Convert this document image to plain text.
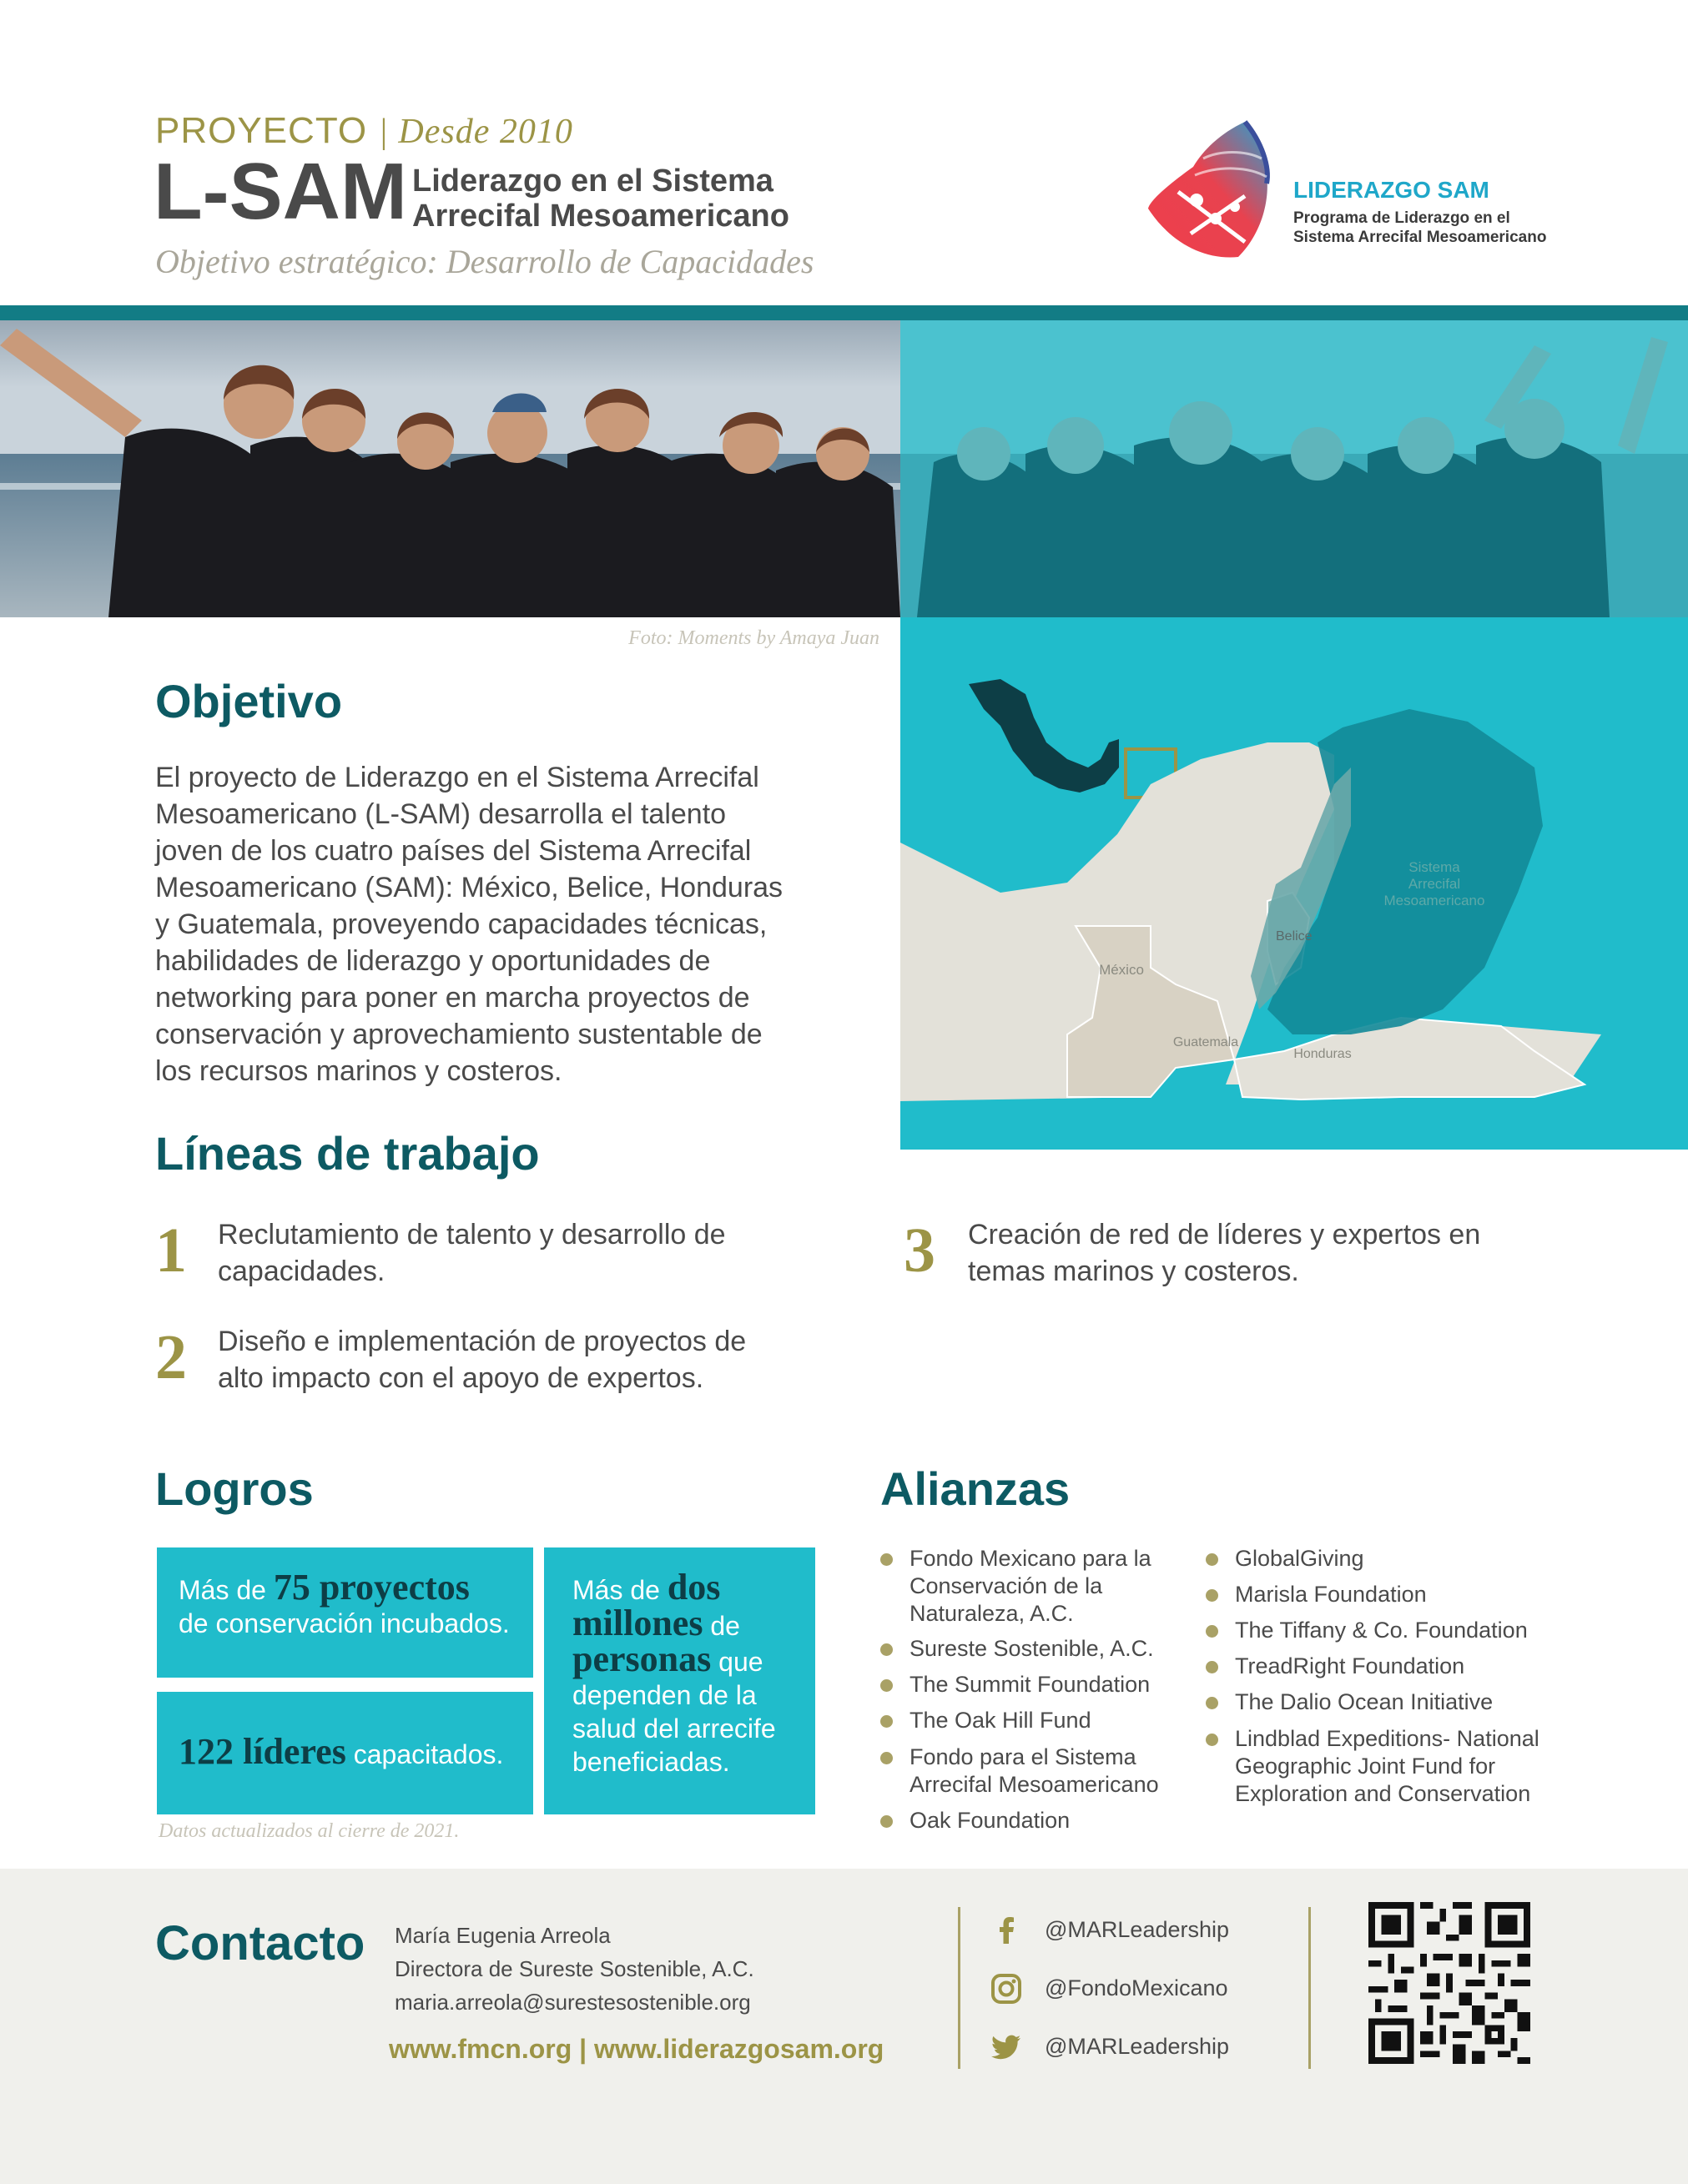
PROYECTO | Desde 2010
L-SAM Liderazgo en el Sistema
Arrecifal Mesoamericano
Objetivo estratégico: Desarrollo de Capacidades
LIDERAZGO SAM
Programa de Liderazgo en el
Sistema Arrecifal Mesoamericano
Foto: Moments by Amaya Juan
Objetivo
El proyecto de Liderazgo en el Sistema Arrecifal
Mesoamericano (L-SAM) desarrolla el talento
joven de los cuatro países del Sistema Arrecifal
Mesoamericano (SAM): México, Belice, Honduras
y Guatemala, proveyendo capacidades técnicas,
habilidades de liderazgo y oportunidades de
networking para poner en marcha proyectos de
conservación y aprovechamiento sustentable de
los recursos marinos y costeros.
Sistema
Arrecifal
Mesoamericano
Belice
México
Guatemala
Honduras
Líneas de trabajo
1 Reclutamiento de talento y desarrollo de
capacidades.
2 Diseño e implementación de proyectos de
alto impacto con el apoyo de expertos.
3 Creación de red de líderes y expertos en
temas marinos y costeros.
Logros
Más de 75 proyectos
de conservación incubados.
122 líderes capacitados.
Más de dos
millones de
personas que
dependen de la
salud del arrecife
beneficiadas.
Datos actualizados al cierre de 2021.
Alianzas
Fondo Mexicano para la
Conservación de la
Naturaleza, A.C.
Sureste Sostenible, A.C.
The Summit Foundation
The Oak Hill Fund
Fondo para el Sistema
Arrecifal Mesoamericano
Oak Foundation
GlobalGiving
Marisla Foundation
The Tiffany & Co. Foundation
TreadRight Foundation
The Dalio Ocean Initiative
Lindblad Expeditions- National
Geographic Joint Fund for
Exploration and Conservation
Contacto María Eugenia Arreola
Directora de Sureste Sostenible, A.C.
maria.arreola@surestesostenible.org
www.fmcn.org | www.liderazgosam.org
@MARLeadership
@FondoMexicano
@MARLeadership
